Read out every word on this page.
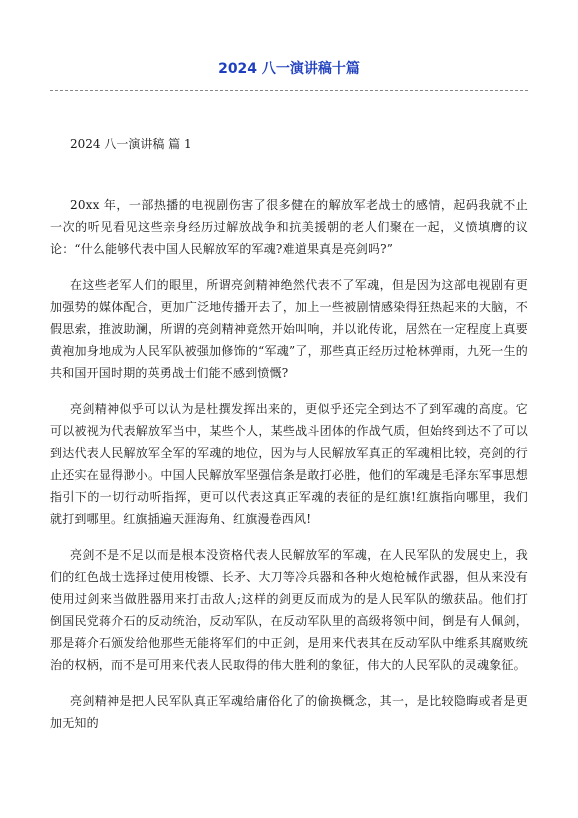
2024 八一演讲稿十篇
2024 八一演讲稿 篇 1

20xx 年，一部热播的电视剧伤害了很多健在的解放军老战士的感情，起码我就不止一次的听见看见这些亲身经历过解放战争和抗美援朝的老人们聚在一起，义愤填膺的议论：“什么能够代表中国人民解放军的军魂?难道果真是亮剑吗?”

在这些老军人们的眼里，所谓亮剑精神绝然代表不了军魂，但是因为这部电视剧有更加强势的媒体配合，更加广泛地传播开去了，加上一些被剧情感染得狂热起来的大脑，不假思索，推波助澜，所谓的亮剑精神竟然开始叫响，并以讹传讹，居然在一定程度上真要黄袍加身地成为人民军队被强加修饰的“军魂”了，那些真正经历过枪林弹雨，九死一生的共和国开国时期的英勇战士们能不感到愤慨?

亮剑精神似乎可以认为是杜撰发挥出来的，更似乎还完全到达不了到军魂的高度。它可以被视为代表解放军当中，某些个人，某些战斗团体的作战气质，但始终到达不了可以到达代表人民解放军全军的军魂的地位，因为与人民解放军真正的军魂相比较，亮剑的行止还实在显得渺小。中国人民解放军坚强信条是敢打必胜，他们的军魂是毛泽东军事思想指引下的一切行动听指挥，更可以代表这真正军魂的表征的是红旗!红旗指向哪里，我们就打到哪里。红旗插遍天涯海角、红旗漫卷西风!

亮剑不是不足以而是根本没资格代表人民解放军的军魂，在人民军队的发展史上，我们的红色战士选择过使用梭镖、长矛、大刀等冷兵器和各种火炮枪械作武器，但从来没有使用过剑来当做胜器用来打击敌人;这样的剑更反而成为的是人民军队的缴获品。他们打倒国民党蒋介石的反动统治，反动军队，在反动军队里的高级将领中间，倒是有人佩剑，那是蒋介石颁发给他那些无能将军们的中正剑，是用来代表其在反动军队中维系其腐败统治的权柄，而不是可用来代表人民取得的伟大胜利的象征，伟大的人民军队的灵魂象征。

亮剑精神是把人民军队真正军魂给庸俗化了的偷换概念，其一，是比较隐晦或者是更加无知的
